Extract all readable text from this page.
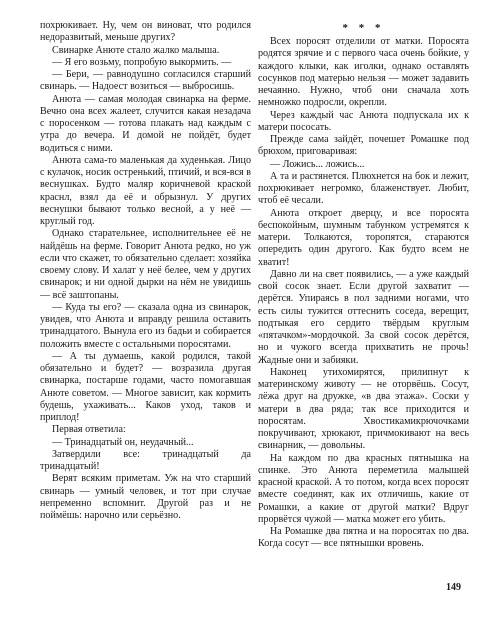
похрюкивает. Ну, чем он виноват, что родился недоразвитый, меньше других?

Свинарке Анюте стало жалко малыша.

— Я его возьму, попробую выкормить. —

— Бери, — равнодушно согласился старший свинарь. — Надоест возиться — выбросишь.

Анюта — самая молодая свинарка на ферме. Вечно она всех жалеет, случится какая незадача с поросенком — готова плакать над каждым с утра до вечера. И домой не пойдёт, будет водиться с ними.

Анюта сама-то маленькая да худенькая. Лицо с кулачок, носик остренький, птичий, и вся-вся в веснушках. Будто маляр коричневой краской краснл, взял да её и обрызнул. У других веснушки бывают только весной, а у неё — круглый год.

Однако старательнее, исполнительнее её не найдёшь на ферме. Говорит Анюта редко, но уж если что скажет, то обязательно сделает: хозяйка своему слову. И халат у неё белее, чем у других свинарок; и ни одной дырки на нём не увидишь — всё заштопаны.

— Куда ты его? — сказала одна из свинарок, увидев, что Анюта и вправду решила оставить тринадцатого. Вынула его из бадьи и собирается положить вместе с остальными поросятами.

— А ты думаешь, какой родился, такой обязательно и будет? — возразила другая свинарка, постарше годами, часто помогавшая Анюте советом. — Многое зависит, как кормить будешь, ухаживать... Каков уход, таков и приплод!

Первая ответила:

— Тринадцатый он, неудачный...

Затвердили все: тринадцатый да тринадцатый!

Верят всяким приметам. Уж на что старший свинарь — умный человек, и тот при случае непременно вспомнит. Другой раз и не поймёшь: нарочно или серьёзно.

* * *

Всех поросят отделили от матки. Поросята родятся зрячие и с первого часа очень бойкие, у каждого клыки, как иголки, однако оставлять сосунков под матерью нельзя — может задавить нечаянно. Нужно, чтоб они сначала хоть немножко подросли, окрепли.

Через каждый час Анюта подпускала их к матери пососать.

Прежде сама зайдёт, почешет Ромашке под брюхом, приговаривая:

— Ложись... ложись...

А та и растянется. Плюхнется на бок и лежит, похрюкивает негромко, блаженствует. Любит, чтоб её чесали.

Анюта откроет дверцу, и все поросята беспокойным, шумным табунком устремятся к матери. Толкаются, торопятся, стараются опередить один другого. Как будто всем не хватит!

Давно ли на свет появились, — а уже каждый свой сосок знает. Если другой захватит — дерётся. Упираясь в пол задними ногами, что есть силы тужится оттеснить соседа, верещит, подтыкая его сердито твёрдым круглым «пятачком»-мордочкой. За свой сосок дерётся, но и чужого всегда прихватить не прочь! Жадные они и забияки.

Наконец утихомирятся, прилипнут к материнскому животу — не оторвёшь. Сосут, лёжа друг на дружке, «в два этажа». Соски у матери в два ряда; так все приходится и поросятам. Хвостикамикрючочками покручивают, хрюкают, причмокивают на весь свинарник, — довольны.

На каждом по два красных пятнышка на спинке. Это Анюта переметила малышей красной краской. А то потом, когда всех поросят вместе соединят, как их отличишь, какие от Ромашки, а какие от другой матки? Вдруг прорвётся чужой — матка может его убить.

На Ромашке два пятна и на поросятах по два. Когда сосут — все пятнышки вровень.

149
